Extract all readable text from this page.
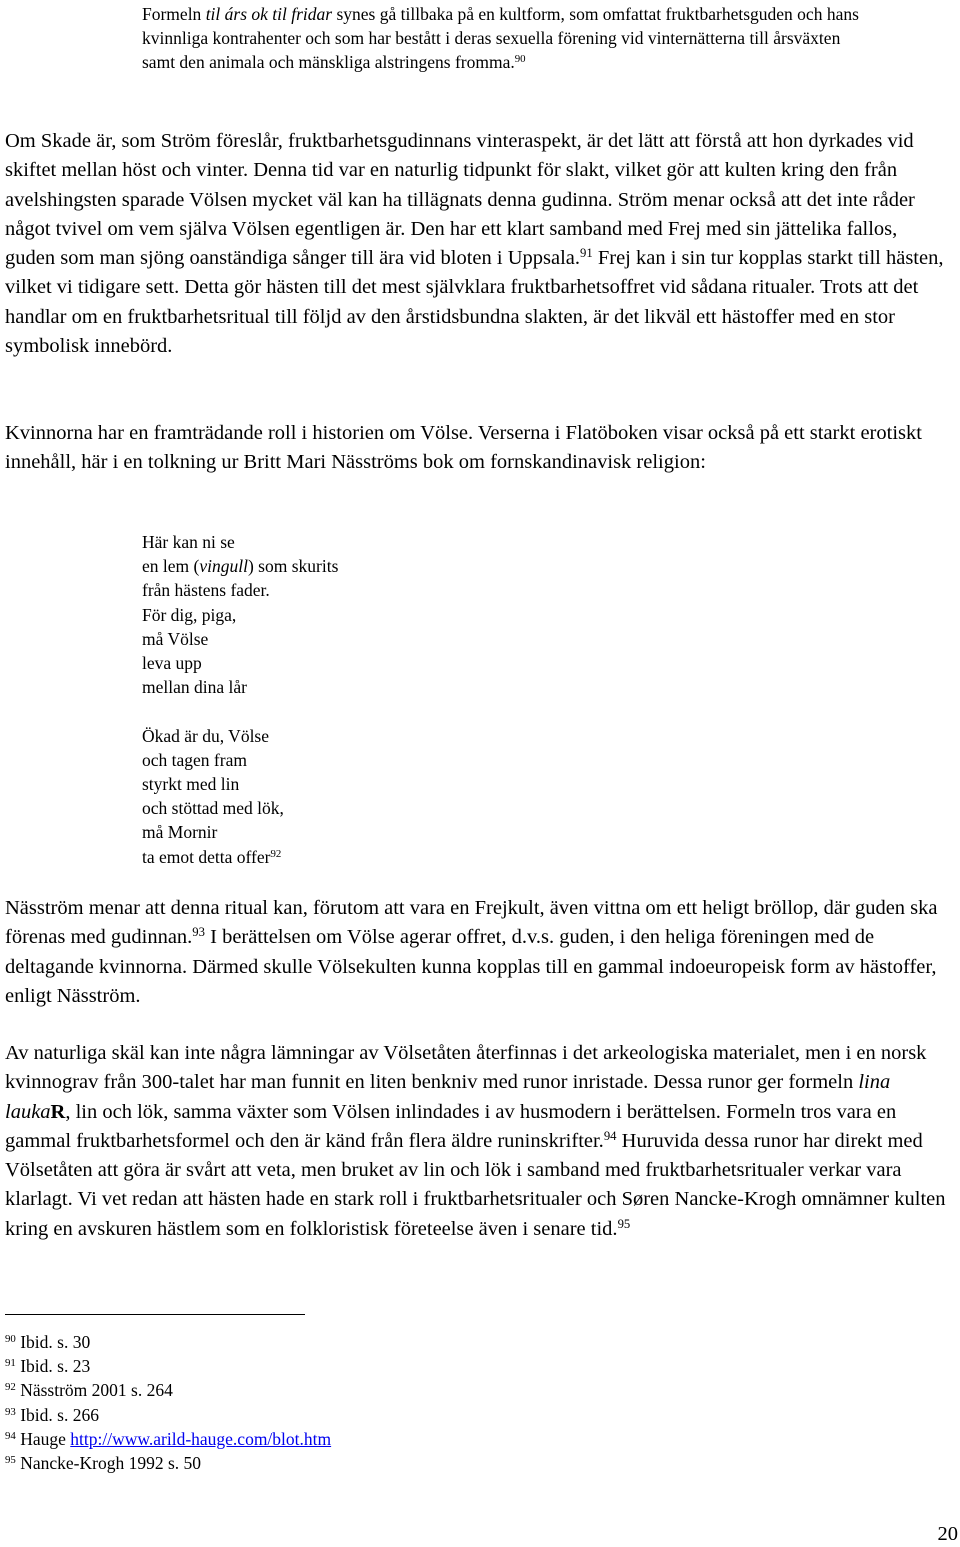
Formeln til árs ok til fridar synes gå tillbaka på en kultform, som omfattat fruktbarhetsguden och hans kvinnliga kontrahenter och som har bestått i deras sexuella förening vid vinternätterna till årsväxten samt den animala och mänskliga alstringens fromma.$^{90}$

Om Skade är, som Ström föreslår, fruktbarhetsgudinnans vinteraspekt, är det lätt att förstå att hon dyrkades vid skiftet mellan höst och vinter. Denna tid var en naturlig tidpunkt för slakt, vilket gör att kulten kring den från avelshingsten sparade Völsen mycket väl kan ha tillägnats denna gudinna. Ström menar också att det inte råder något tvivel om vem själva Völsen egentligen är. Den har ett klart samband med Frej med sin jättelika fallos, guden som man sjöng oanständiga sånger till ära vid bloten i Uppsala.$^{91}$ Frej kan i sin tur kopplas starkt till hästen, vilket vi tidigare sett. Detta gör hästen till det mest självklara fruktbarhetsoffret vid sådana ritualer. Trots att det handlar om en fruktbarhetsritual till följd av den årstidsbundna slakten, är det likväl ett hästoffer med en stor symbolisk innebörd.

Kvinnorna har en framträdande roll i historien om Völse. Verserna i Flatöboken visar också på ett starkt erotiskt innehåll, här i en tolkning ur Britt Mari Näsströms bok om fornskandinavisk religion:

Här kan ni se
en lem (vingull) som skurits
från hästens fader.
För dig, piga,
må Völse
leva upp
mellan dina lår
Ökad är du, Völse
och tagen fram
styrkt med lin
och stöttad med lök,
må Mornir
ta emot detta offer$^{92}$

Näsström menar att denna ritual kan, förutom att vara en Frejkult, även vittna om ett heligt bröllop, där guden ska förenas med gudinnan.$^{93}$ I berättelsen om Völse agerar offret, d.v.s. guden, i den heliga föreningen med de deltagande kvinnorna. Därmed skulle Völsekulten kunna kopplas till en gammal indoeuropeisk form av hästoffer, enligt Näsström.

Av naturliga skäl kan inte några lämningar av Völsetåten återfinnas i det arkeologiska materialet, men i en norsk kvinnograv från 300-talet har man funnit en liten benkniv med runor inristade. Dessa runor ger formeln lina laukaR, lin och lök, samma växter som Völsen inlindades i av husmodern i berättelsen. Formeln tros vara en gammal fruktbarhetsformel och den är känd från flera äldre runinskrifter.$^{94}$ Huruvida dessa runor har direkt med Völsetåten att göra är svårt att veta, men bruket av lin och lök i samband med fruktbarhetsritualer verkar vara klarlagt. Vi vet redan att hästen hade en stark roll i fruktbarhetsritualer och Søren Nancke-Krogh omnämner kulten kring en avskuren hästlem som en folkloristisk företeelse även i senare tid.$^{95}$

$^{90}$ Ibid. s. 30
$^{91}$ Ibid. s. 23
$^{92}$ Näsström 2001 s. 264
$^{93}$ Ibid. s. 266
$^{94}$ Hauge http://www.arild-hauge.com/blot.htm
$^{95}$ Nancke-Krogh 1992 s. 50
20
